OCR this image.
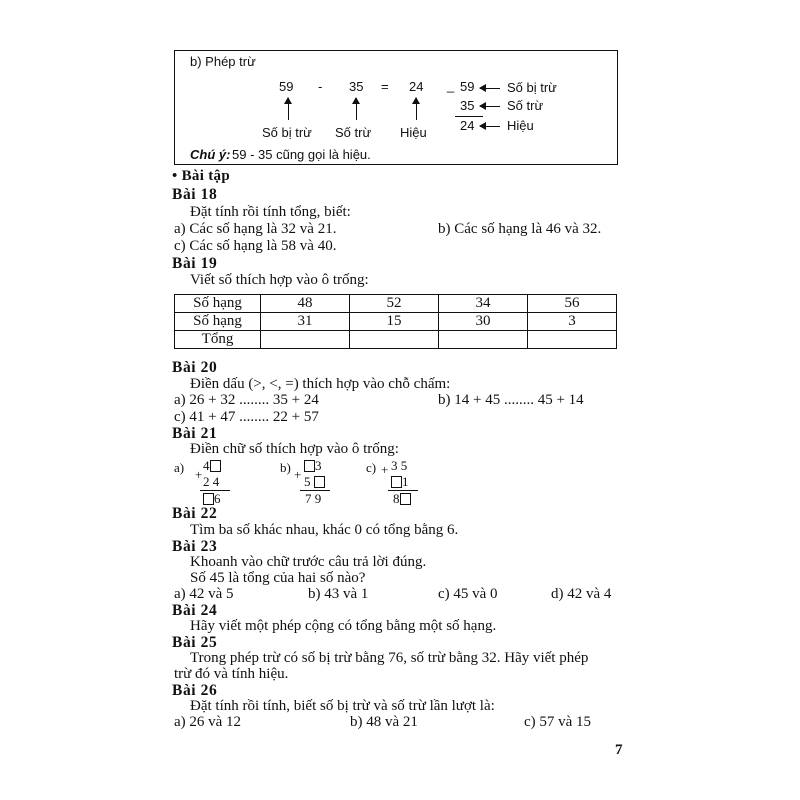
b) Phép trừ
59 - 35 = 24
Số bị trừ Số trừ Hiệu
_ 59
35
24
Số bị trừ
Số trừ
Hiệu
Chú ý: 59 - 35 cũng gọi là hiệu.
• Bài tập
Bài 18
Đặt tính rồi tính tổng, biết:
a) Các số hạng là 32 và 21.	b) Các số hạng là 46 và 32.
c) Các số hạng là 58 và 40.
Bài 19
Viết số thích hợp vào ô trống:
Số hạng	48	52	34	56
Số hạng	31	15	30	3
Tổng				
Bài 20
Điền dấu (>, <, =) thích hợp vào chỗ chấm:
a) 26 + 32 ........ 35 + 24	b) 14 + 45 ........ 45 + 14
c) 41 + 47 ........ 22 + 57
Bài 21
Điền chữ số thích hợp vào ô trống:
a) +
4
2 4
6
b) +
3
5
7 9
c) + 3 5
1
8
Bài 22
Tìm ba số khác nhau, khác 0 có tổng bằng 6.
Bài 23
Khoanh vào chữ trước câu trả lời đúng.
Số 45 là tổng của hai số nào?
a) 42 và 5	b) 43 và 1	c) 45 và 0	d) 42 và 4
Bài 24
Hãy viết một phép cộng có tổng bằng một số hạng.
Bài 25
Trong phép trừ có số bị trừ bằng 76, số trừ bằng 32. Hãy viết phép
trừ đó và tính hiệu.
Bài 26
Đặt tính rồi tính, biết số bị trừ và số trừ lần lượt là:
a) 26 và 12	b) 48 và 21	c) 57 và 15
7
